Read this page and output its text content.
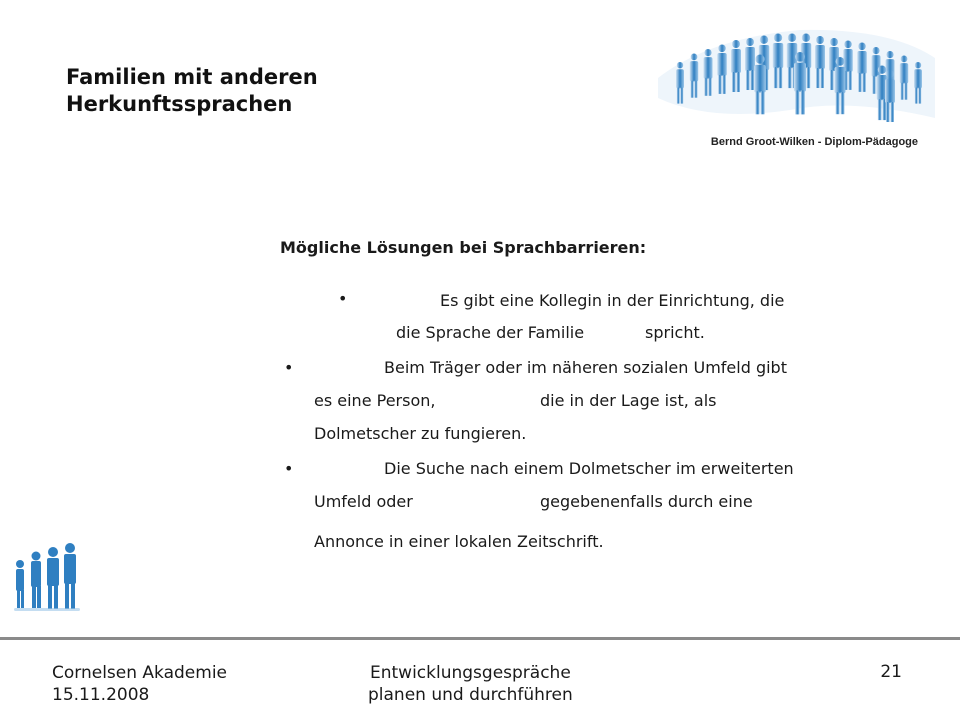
Familien mit anderen
Herkunftssprachen
Bernd Groot-Wilken - Diplom-Pädagoge
Mögliche Lösungen bei Sprachbarrieren:
•	Es gibt eine Kollegin in der Einrichtung, die
die Sprache der Familie	spricht.
•	Beim Träger oder im näheren sozialen Umfeld gibt
es eine Person,	die in der Lage ist, als
Dolmetscher zu fungieren.
•	Die Suche nach einem Dolmetscher im erweiterten
Umfeld oder	gegebenenfalls durch eine
Annonce in einer lokalen Zeitschrift.
Cornelsen Akademie
15.11.2008
Entwicklungsgespräche
planen und durchführen
21
